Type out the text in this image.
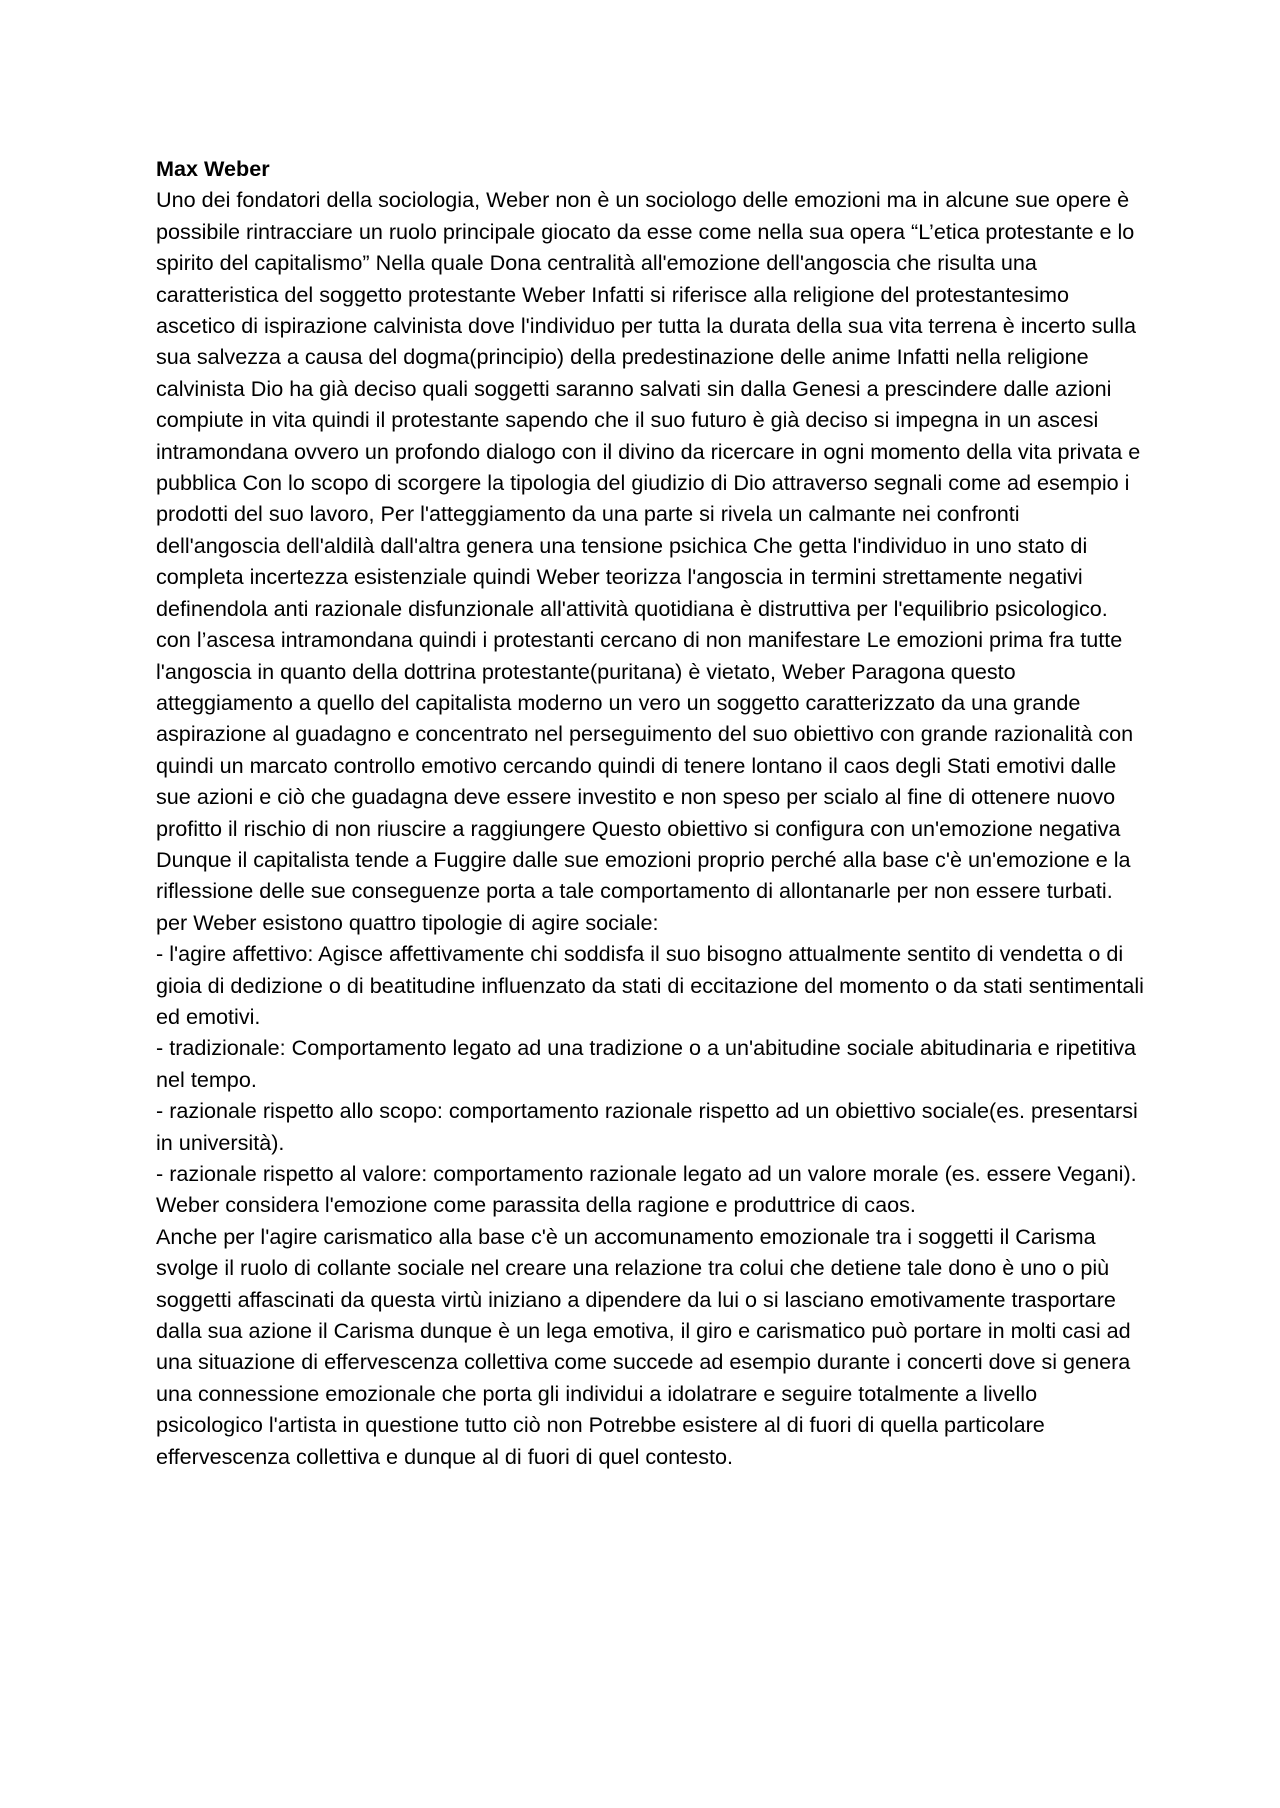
Max Weber

Uno dei fondatori della sociologia, Weber non è un sociologo delle emozioni ma in alcune sue opere è possibile rintracciare un ruolo principale giocato da esse come nella sua opera “L’etica protestante e lo spirito del capitalismo” Nella quale Dona centralità all'emozione dell'angoscia che risulta una caratteristica del soggetto protestante Weber Infatti si riferisce alla religione del protestantesimo ascetico di ispirazione calvinista dove l'individuo per tutta la durata della sua vita terrena è incerto sulla sua salvezza a causa del dogma(principio) della predestinazione delle anime Infatti nella religione calvinista Dio ha già deciso quali soggetti saranno salvati sin dalla Genesi a prescindere dalle azioni compiute in vita quindi il protestante sapendo che il suo futuro è già deciso si impegna in un ascesi intramondana ovvero un profondo dialogo con il divino da ricercare in ogni momento della vita privata e pubblica Con lo scopo di scorgere la tipologia del giudizio di Dio attraverso segnali come ad esempio i prodotti del suo lavoro, Per l'atteggiamento da una parte si rivela un calmante nei confronti dell'angoscia dell'aldilà dall'altra genera una tensione psichica Che getta l'individuo in uno stato di completa incertezza esistenziale quindi Weber teorizza l'angoscia in termini strettamente negativi definendola anti razionale disfunzionale all'attività quotidiana è distruttiva per l'equilibrio psicologico. con l’ascesa intramondana quindi i protestanti cercano di non manifestare Le emozioni prima fra tutte l'angoscia in quanto della dottrina protestante(puritana) è vietato, Weber Paragona questo atteggiamento a quello del capitalista moderno un vero un soggetto caratterizzato da una grande aspirazione al guadagno e concentrato nel perseguimento del suo obiettivo con grande razionalità con quindi un marcato controllo emotivo cercando quindi di tenere lontano il caos degli Stati emotivi dalle sue azioni e ciò che guadagna deve essere investito e non speso per scialo al fine di ottenere nuovo profitto il rischio di non riuscire a raggiungere Questo obiettivo si configura con un'emozione negativa Dunque il capitalista tende a Fuggire dalle sue emozioni proprio perché alla base c'è un'emozione e la riflessione delle sue conseguenze porta a tale comportamento di allontanarle per non essere turbati.

per Weber esistono quattro tipologie di agire sociale:

- l'agire affettivo: Agisce affettivamente chi soddisfa il suo bisogno attualmente sentito di vendetta o di gioia di dedizione o di beatitudine influenzato da stati di eccitazione del momento o da stati sentimentali ed emotivi.

- tradizionale: Comportamento legato ad una tradizione o a un'abitudine sociale abitudinaria e ripetitiva nel tempo.

- razionale rispetto allo scopo: comportamento razionale rispetto ad un obiettivo sociale(es. presentarsi in università).

- razionale rispetto al valore: comportamento razionale legato ad un valore morale (es. essere Vegani).

Weber considera l'emozione come parassita della ragione e produttrice di caos.

Anche per l'agire carismatico alla base c'è un accomunamento emozionale tra i soggetti il Carisma svolge il ruolo di collante sociale nel creare una relazione tra colui che detiene tale dono è uno o più soggetti affascinati da questa virtù iniziano a dipendere da lui o si lasciano emotivamente trasportare dalla sua azione il Carisma dunque è un lega emotiva, il giro e carismatico può portare in molti casi ad una situazione di effervescenza collettiva come succede ad esempio durante i concerti dove si genera una connessione emozionale che porta gli individui a idolatrare e seguire totalmente a livello psicologico l'artista in questione tutto ciò non Potrebbe esistere al di fuori di quella particolare effervescenza collettiva e dunque al di fuori di quel contesto.
